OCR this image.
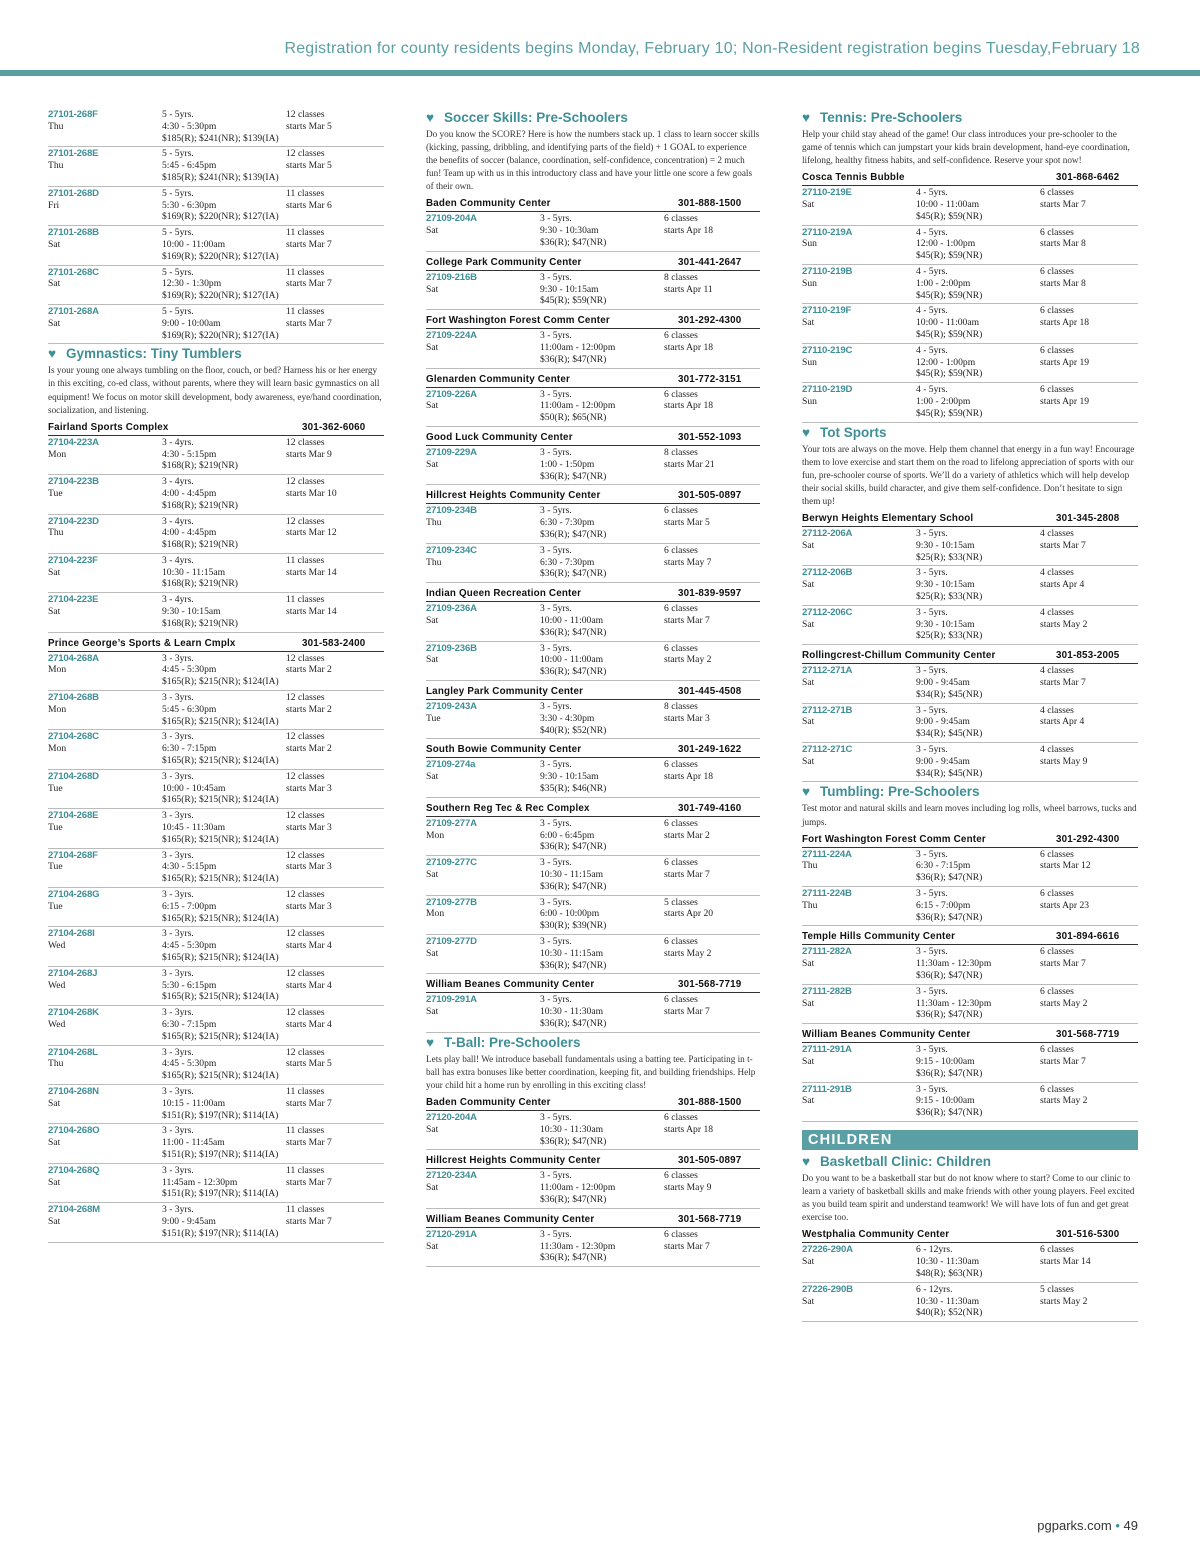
Registration for county residents begins Monday, February 10; Non-Resident registration begins Tuesday,February 18
27101-268F
Thu
5 - 5yrs.
4:30 - 5:30pm
$185(R); $241(NR); $139(IA)
12 classes
starts Mar 5
27101-268E
Thu
5 - 5yrs.
5:45 - 6:45pm
$185(R); $241(NR); $139(IA)
12 classes
starts Mar 5
27101-268D
Fri
5 - 5yrs.
5:30 - 6:30pm
$169(R); $220(NR); $127(IA)
11 classes
starts Mar 6
27101-268B
Sat
5 - 5yrs.
10:00 - 11:00am
$169(R); $220(NR); $127(IA)
11 classes
starts Mar 7
27101-268C
Sat
5 - 5yrs.
12:30 - 1:30pm
$169(R); $220(NR); $127(IA)
11 classes
starts Mar 7
27101-268A
Sat
5 - 5yrs.
9:00 - 10:00am
$169(R); $220(NR); $127(IA)
11 classes
starts Mar 7
♥ Gymnastics: Tiny Tumblers
Is your young one always tumbling on the floor, couch, or bed? Harness his or her energy in this exciting, co-ed class, without parents, where they will learn basic gymnastics on all equipment! We focus on motor skill development, body awareness, eye/hand coordination, socialization, and listening.
Fairland Sports Complex	301-362-6060
27104-223A
Mon
3 - 4yrs.
4:30 - 5:15pm
$168(R); $219(NR)
12 classes
starts Mar 9
27104-223B
Tue
3 - 4yrs.
4:00 - 4:45pm
$168(R); $219(NR)
12 classes
starts Mar 10
27104-223D
Thu
3 - 4yrs.
4:00 - 4:45pm
$168(R); $219(NR)
12 classes
starts Mar 12
27104-223F
Sat
3 - 4yrs.
10:30 - 11:15am
$168(R); $219(NR)
11 classes
starts Mar 14
27104-223E
Sat
3 - 4yrs.
9:30 - 10:15am
$168(R); $219(NR)
11 classes
starts Mar 14
Prince George’s Sports & Learn Cmplx	301-583-2400
27104-268A
Mon
3 - 3yrs.
4:45 - 5:30pm
$165(R); $215(NR); $124(IA)
12 classes
starts Mar 2
27104-268B
Mon
3 - 3yrs.
5:45 - 6:30pm
$165(R); $215(NR); $124(IA)
12 classes
starts Mar 2
27104-268C
Mon
3 - 3yrs.
6:30 - 7:15pm
$165(R); $215(NR); $124(IA)
12 classes
starts Mar 2
27104-268D
Tue
3 - 3yrs.
10:00 - 10:45am
$165(R); $215(NR); $124(IA)
12 classes
starts Mar 3
27104-268E
Tue
3 - 3yrs.
10:45 - 11:30am
$165(R); $215(NR); $124(IA)
12 classes
starts Mar 3
27104-268F
Tue
3 - 3yrs.
4:30 - 5:15pm
$165(R); $215(NR); $124(IA)
12 classes
starts Mar 3
27104-268G
Tue
3 - 3yrs.
6:15 - 7:00pm
$165(R); $215(NR); $124(IA)
12 classes
starts Mar 3
27104-268I
Wed
3 - 3yrs.
4:45 - 5:30pm
$165(R); $215(NR); $124(IA)
12 classes
starts Mar 4
27104-268J
Wed
3 - 3yrs.
5:30 - 6:15pm
$165(R); $215(NR); $124(IA)
12 classes
starts Mar 4
27104-268K
Wed
3 - 3yrs.
6:30 - 7:15pm
$165(R); $215(NR); $124(IA)
12 classes
starts Mar 4
27104-268L
Thu
3 - 3yrs.
4:45 - 5:30pm
$165(R); $215(NR); $124(IA)
12 classes
starts Mar 5
27104-268N
Sat
3 - 3yrs.
10:15 - 11:00am
$151(R); $197(NR); $114(IA)
11 classes
starts Mar 7
27104-268O
Sat
3 - 3yrs.
11:00 - 11:45am
$151(R); $197(NR); $114(IA)
11 classes
starts Mar 7
27104-268Q
Sat
3 - 3yrs.
11:45am - 12:30pm
$151(R); $197(NR); $114(IA)
11 classes
starts Mar 7
27104-268M
Sat
3 - 3yrs.
9:00 - 9:45am
$151(R); $197(NR); $114(IA)
11 classes
starts Mar 7
♥ Soccer Skills: Pre-Schoolers
Do you know the SCORE? Here is how the numbers stack up. 1 class to learn soccer skills (kicking, passing, dribbling, and identifying parts of the field) + 1 GOAL to experience the benefits of soccer (balance, coordination, self-confidence, concentration) = 2 much fun! Team up with us in this introductory class and have your little one score a few goals of their own.
Baden Community Center	301-888-1500
27109-204A
Sat
3 - 5yrs.
9:30 - 10:30am
$36(R); $47(NR)
6 classes
starts Apr 18
College Park Community Center	301-441-2647
27109-216B
Sat
3 - 5yrs.
9:30 - 10:15am
$45(R); $59(NR)
8 classes
starts Apr 11
Fort Washington Forest Comm Center	301-292-4300
27109-224A
Sat
3 - 5yrs.
11:00am - 12:00pm
$36(R); $47(NR)
6 classes
starts Apr 18
Glenarden Community Center	301-772-3151
27109-226A
Sat
3 - 5yrs.
11:00am - 12:00pm
$50(R); $65(NR)
6 classes
starts Apr 18
Good Luck Community Center	301-552-1093
27109-229A
Sat
3 - 5yrs.
1:00 - 1:50pm
$36(R); $47(NR)
8 classes
starts Mar 21
Hillcrest Heights Community Center	301-505-0897
27109-234B
Thu
3 - 5yrs.
6:30 - 7:30pm
$36(R); $47(NR)
6 classes
starts Mar 5
27109-234C
Thu
3 - 5yrs.
6:30 - 7:30pm
$36(R); $47(NR)
6 classes
starts May 7
Indian Queen Recreation Center	301-839-9597
27109-236A
Sat
3 - 5yrs.
10:00 - 11:00am
$36(R); $47(NR)
6 classes
starts Mar 7
27109-236B
Sat
3 - 5yrs.
10:00 - 11:00am
$36(R); $47(NR)
6 classes
starts May 2
Langley Park Community Center	301-445-4508
27109-243A
Tue
3 - 5yrs.
3:30 - 4:30pm
$40(R); $52(NR)
8 classes
starts Mar 3
South Bowie Community Center	301-249-1622
27109-274a
Sat
3 - 5yrs.
9:30 - 10:15am
$35(R); $46(NR)
6 classes
starts Apr 18
Southern Reg Tec & Rec Complex	301-749-4160
27109-277A
Mon
3 - 5yrs.
6:00 - 6:45pm
$36(R); $47(NR)
6 classes
starts Mar 2
27109-277C
Sat
3 - 5yrs.
10:30 - 11:15am
$36(R); $47(NR)
6 classes
starts Mar 7
27109-277B
Mon
3 - 5yrs.
6:00 - 10:00pm
$30(R); $39(NR)
5 classes
starts Apr 20
27109-277D
Sat
3 - 5yrs.
10:30 - 11:15am
$36(R); $47(NR)
6 classes
starts May 2
William Beanes Community Center	301-568-7719
27109-291A
Sat
3 - 5yrs.
10:30 - 11:30am
$36(R); $47(NR)
6 classes
starts Mar 7
♥ T-Ball: Pre-Schoolers
Lets play ball! We introduce baseball fundamentals using a batting tee. Participating in t-ball has extra bonuses like better coordination, keeping fit, and building friendships. Help your child hit a home run by enrolling in this exciting class!
Baden Community Center	301-888-1500
27120-204A
Sat
3 - 5yrs.
10:30 - 11:30am
$36(R); $47(NR)
6 classes
starts Apr 18
Hillcrest Heights Community Center	301-505-0897
27120-234A
Sat
3 - 5yrs.
11:00am - 12:00pm
$36(R); $47(NR)
6 classes
starts May 9
William Beanes Community Center	301-568-7719
27120-291A
Sat
3 - 5yrs.
11:30am - 12:30pm
$36(R); $47(NR)
6 classes
starts Mar 7
♥ Tennis: Pre-Schoolers
Help your child stay ahead of the game! Our class introduces your pre-schooler to the game of tennis which can jumpstart your kids brain development, hand-eye coordination, lifelong, healthy fitness habits, and self-confidence. Reserve your spot now!
Cosca Tennis Bubble	301-868-6462
27110-219E
Sat
4 - 5yrs.
10:00 - 11:00am
$45(R); $59(NR)
6 classes
starts Mar 7
27110-219A
Sun
4 - 5yrs.
12:00 - 1:00pm
$45(R); $59(NR)
6 classes
starts Mar 8
27110-219B
Sun
4 - 5yrs.
1:00 - 2:00pm
$45(R); $59(NR)
6 classes
starts Mar 8
27110-219F
Sat
4 - 5yrs.
10:00 - 11:00am
$45(R); $59(NR)
6 classes
starts Apr 18
27110-219C
Sun
4 - 5yrs.
12:00 - 1:00pm
$45(R); $59(NR)
6 classes
starts Apr 19
27110-219D
Sun
4 - 5yrs.
1:00 - 2:00pm
$45(R); $59(NR)
6 classes
starts Apr 19
♥ Tot Sports
Your tots are always on the move. Help them channel that energy in a fun way! Encourage them to love exercise and start them on the road to lifelong appreciation of sports with our fun, pre-schooler course of sports. We’ll do a variety of athletics which will help develop their social skills, build character, and give them self-confidence. Don’t hesitate to sign them up!
Berwyn Heights Elementary School	301-345-2808
27112-206A
Sat
3 - 5yrs.
9:30 - 10:15am
$25(R); $33(NR)
4 classes
starts Mar 7
27112-206B
Sat
3 - 5yrs.
9:30 - 10:15am
$25(R); $33(NR)
4 classes
starts Apr 4
27112-206C
Sat
3 - 5yrs.
9:30 - 10:15am
$25(R); $33(NR)
4 classes
starts May 2
Rollingcrest-Chillum Community Center	301-853-2005
27112-271A
Sat
3 - 5yrs.
9:00 - 9:45am
$34(R); $45(NR)
4 classes
starts Mar 7
27112-271B
Sat
3 - 5yrs.
9:00 - 9:45am
$34(R); $45(NR)
4 classes
starts Apr 4
27112-271C
Sat
3 - 5yrs.
9:00 - 9:45am
$34(R); $45(NR)
4 classes
starts May 9
♥ Tumbling: Pre-Schoolers
Test motor and natural skills and learn moves including log rolls, wheel barrows, tucks and jumps.
Fort Washington Forest Comm Center	301-292-4300
27111-224A
Thu
3 - 5yrs.
6:30 - 7:15pm
$36(R); $47(NR)
6 classes
starts Mar 12
27111-224B
Thu
3 - 5yrs.
6:15 - 7:00pm
$36(R); $47(NR)
6 classes
starts Apr 23
Temple Hills Community Center	301-894-6616
27111-282A
Sat
3 - 5yrs.
11:30am - 12:30pm
$36(R); $47(NR)
6 classes
starts Mar 7
27111-282B
Sat
3 - 5yrs.
11:30am - 12:30pm
$36(R); $47(NR)
6 classes
starts May 2
William Beanes Community Center	301-568-7719
27111-291A
Sat
3 - 5yrs.
9:15 - 10:00am
$36(R); $47(NR)
6 classes
starts Mar 7
27111-291B
Sat
3 - 5yrs.
9:15 - 10:00am
$36(R); $47(NR)
6 classes
starts May 2
CHILDREN
♥ Basketball Clinic: Children
Do you want to be a basketball star but do not know where to start? Come to our clinic to learn a variety of basketball skills and make friends with other young players. Feel excited as you build team spirit and understand teamwork! We will have lots of fun and get great exercise too.
Westphalia Community Center	301-516-5300
27226-290A
Sat
6 - 12yrs.
10:30 - 11:30am
$48(R); $63(NR)
6 classes
starts Mar 14
27226-290B
Sat
6 - 12yrs.
10:30 - 11:30am
$40(R); $52(NR)
5 classes
starts May 2
pgparks.com • 49
